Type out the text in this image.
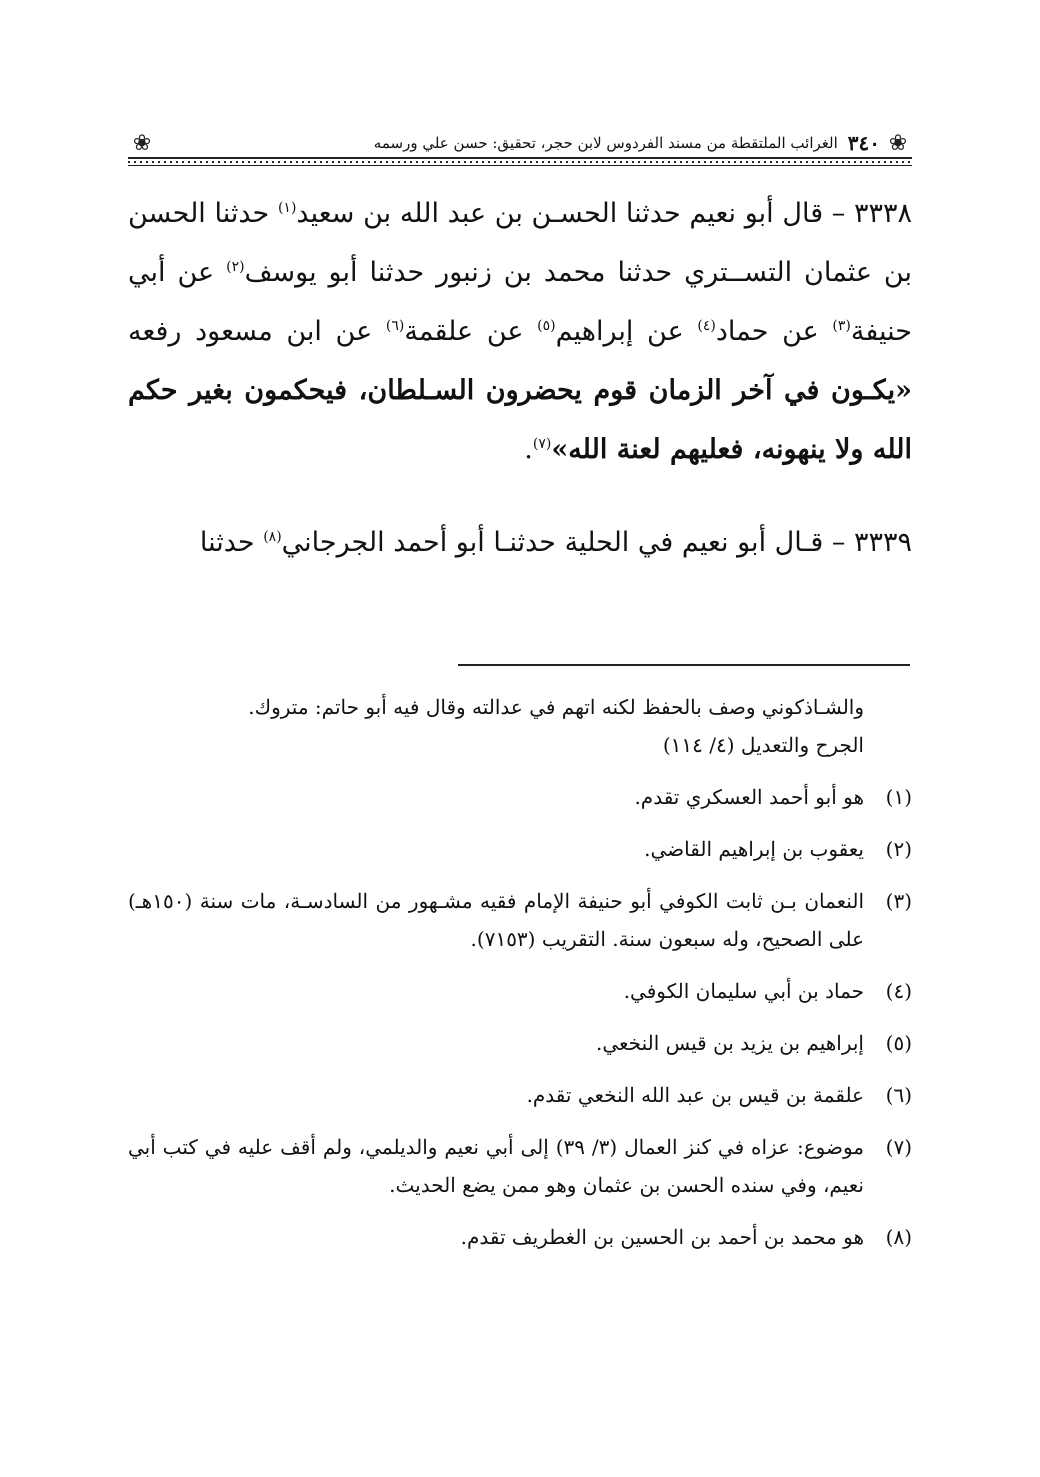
❀
٣٤٠
الغرائب الملتقطة من مسند الفردوس لابن حجر، تحقيق: حسن علي ورسمه
❀

٣٣٣٨ – قال أبو نعيم حدثنا الحسـن بن عبد الله بن سعيد$^{(١)}$ حدثنا الحسن بن عثمان التســتري حدثنا محمد بن زنبور حدثنا أبو يوسف$^{(٢)}$ عن أبي حنيفة$^{(٣)}$ عن حماد$^{(٤)}$ عن إبراهيم$^{(٥)}$ عن علقمة$^{(٦)}$ عن ابن مسعود رفعه «يكـون في آخر الزمان قوم يحضرون السـلطان، فيحكمون بغير حكم الله ولا ينهونه، فعليهم لعنة الله»$^{(٧)}$.

٣٣٣٩ – قـال أبو نعيم في الحلية حدثنـا أبو أحمد الجرجاني$^{(٨)}$ حدثنا

والشـاذكوني وصف بالحفظ لكنه اتهم في عدالته وقال فيه أبو حاتم: متروك.

الجرح والتعديل (٤/ ١١٤)

(١)
هو أبو أحمد العسكري تقدم.
(٢)
يعقوب بن إبراهيم القاضي.
(٣)
النعمان بـن ثابت الكوفي أبو حنيفة الإمام فقيه مشـهور من السادسـة، مات سنة (١٥٠هـ) على الصحيح، وله سبعون سنة. التقريب (٧١٥٣).
(٤)
حماد بن أبي سليمان الكوفي.
(٥)
إبراهيم بن يزيد بن قيس النخعي.
(٦)
علقمة بن قيس بن عبد الله النخعي تقدم.
(٧)
موضوع: عزاه في كنز العمال (٣/ ٣٩) إلى أبي نعيم والديلمي، ولم أقف عليه في كتب أبي نعيم، وفي سنده الحسن بن عثمان وهو ممن يضع الحديث.
(٨)
هو محمد بن أحمد بن الحسين بن الغطريف تقدم.
